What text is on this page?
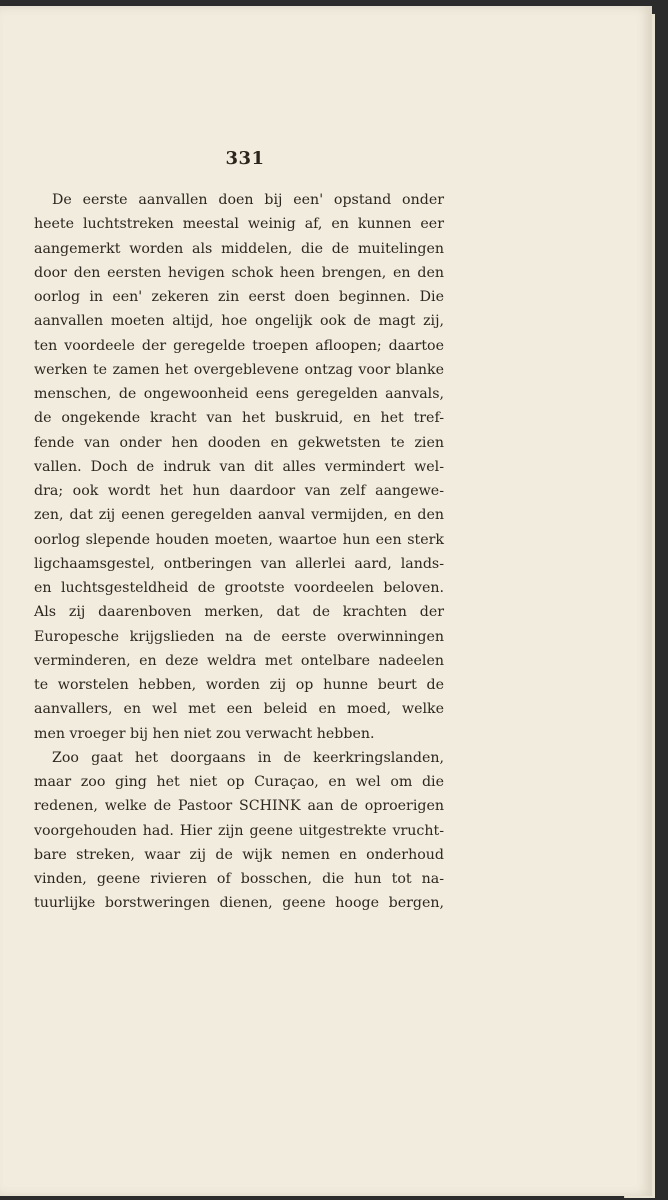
331
De eerste aanvallen doen bij een' opstand onder
heete luchtstreken meestal weinig af, en kunnen eer
aangemerkt worden als middelen, die de muitelingen
door den eersten hevigen schok heen brengen, en den
oorlog in een' zekeren zin eerst doen beginnen. Die
aanvallen moeten altijd, hoe ongelijk ook de magt zij,
ten voordeele der geregelde troepen afloopen; daartoe
werken te zamen het overgeblevene ontzag voor blanke
menschen, de ongewoonheid eens geregelden aanvals,
de ongekende kracht van het buskruid, en het tref-
fende van onder hen dooden en gekwetsten te zien
vallen. Doch de indruk van dit alles vermindert wel-
dra; ook wordt het hun daardoor van zelf aangewe-
zen, dat zij eenen geregelden aanval vermijden, en den
oorlog slepende houden moeten, waartoe hun een sterk
ligchaamsgestel, ontberingen van allerlei aard, lands-
en luchtsgesteldheid de grootste voordeelen beloven.
Als zij daarenboven merken, dat de krachten der
Europesche krijgslieden na de eerste overwinningen
verminderen, en deze weldra met ontelbare nadeelen
te worstelen hebben, worden zij op hunne beurt de
aanvallers, en wel met een beleid en moed, welke
men vroeger bij hen niet zou verwacht hebben.
Zoo gaat het doorgaans in de keerkringslanden,
maar zoo ging het niet op Curaçao, en wel om die
redenen, welke de Pastoor SCHINK aan de oproerigen
voorgehouden had. Hier zijn geene uitgestrekte vrucht-
bare streken, waar zij de wijk nemen en onderhoud
vinden, geene rivieren of bosschen, die hun tot na-
tuurlijke borstweringen dienen, geene hooge bergen,
